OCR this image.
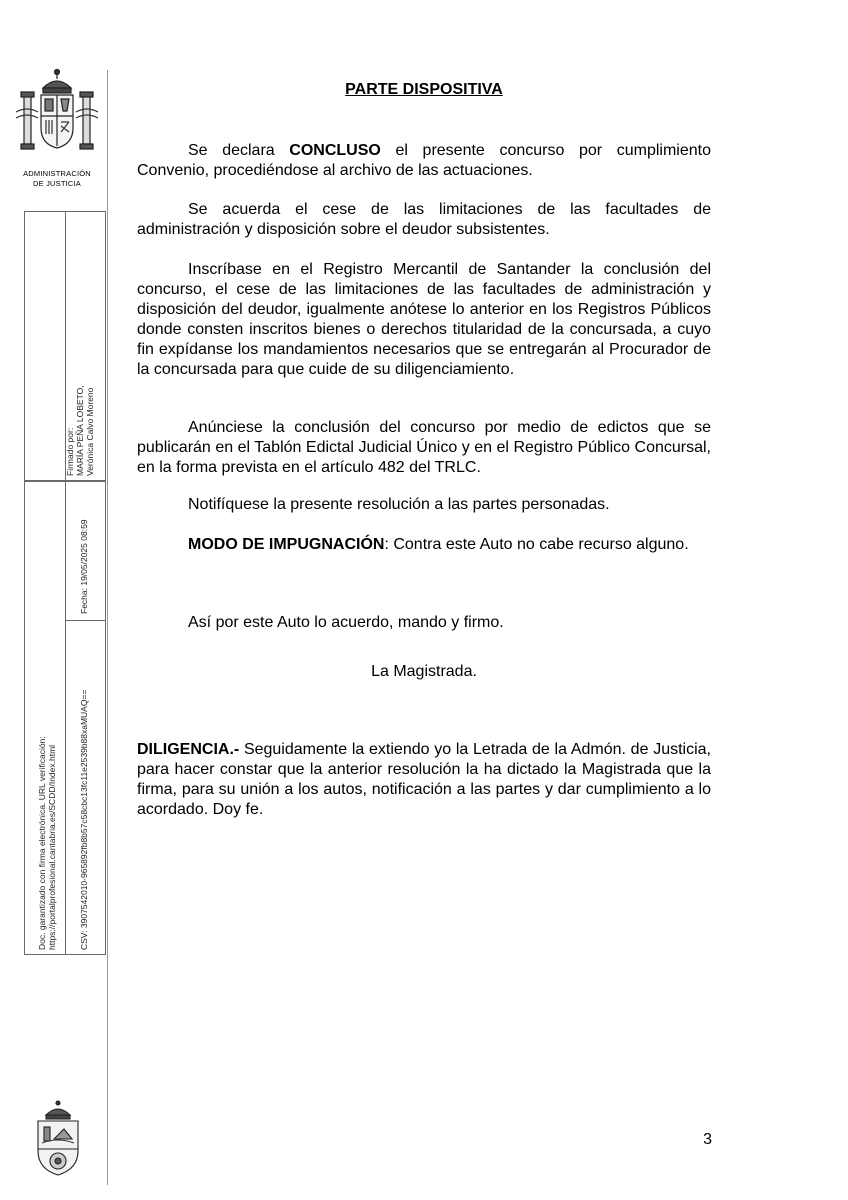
ADMINISTRACIÓN
DE JUSTICIA
Firmado por:
MARÍA PEÑA LOBETO,
Verónica Calvo Moreno
Doc. garantizado con firma electrónica. URL verificación:
https://portalprofesional.cantabria.es/SCDD/Index.html
Fecha: 19/05/2025 08:59
CSV: 3907542010-965892fb8b57c58cbc13fc11e2539b88xaMUAQ==
PARTE DISPOSITIVA
Se declara CONCLUSO el presente concurso por cumplimiento Convenio, procediéndose al archivo de las actuaciones.
Se acuerda el cese de las limitaciones de las facultades de administración y disposición sobre el deudor subsistentes.
Inscríbase en el Registro Mercantil de Santander la conclusión del concurso, el cese de las limitaciones de las facultades de administración y disposición del deudor, igualmente anótese lo anterior en los Registros Públicos donde consten inscritos bienes o derechos titularidad de la concursada, a cuyo fin expídanse los mandamientos necesarios que se entregarán al Procurador de la concursada para que cuide de su diligenciamiento.
Anúnciese la conclusión del concurso por medio de edictos que se publicarán en el Tablón Edictal Judicial Único y en el Registro Público Concursal, en la forma prevista en el artículo 482 del TRLC.
Notifíquese la presente resolución a las partes personadas.
MODO DE IMPUGNACIÓN: Contra este Auto no cabe recurso alguno.
Así por este Auto lo acuerdo, mando y firmo.
La Magistrada.
DILIGENCIA.- Seguidamente la extiendo yo la Letrada de la Admón. de Justicia, para hacer constar que la anterior resolución la ha dictado la Magistrada que la firma, para su unión a los autos, notificación a las partes y dar cumplimiento a lo acordado. Doy fe.
3
